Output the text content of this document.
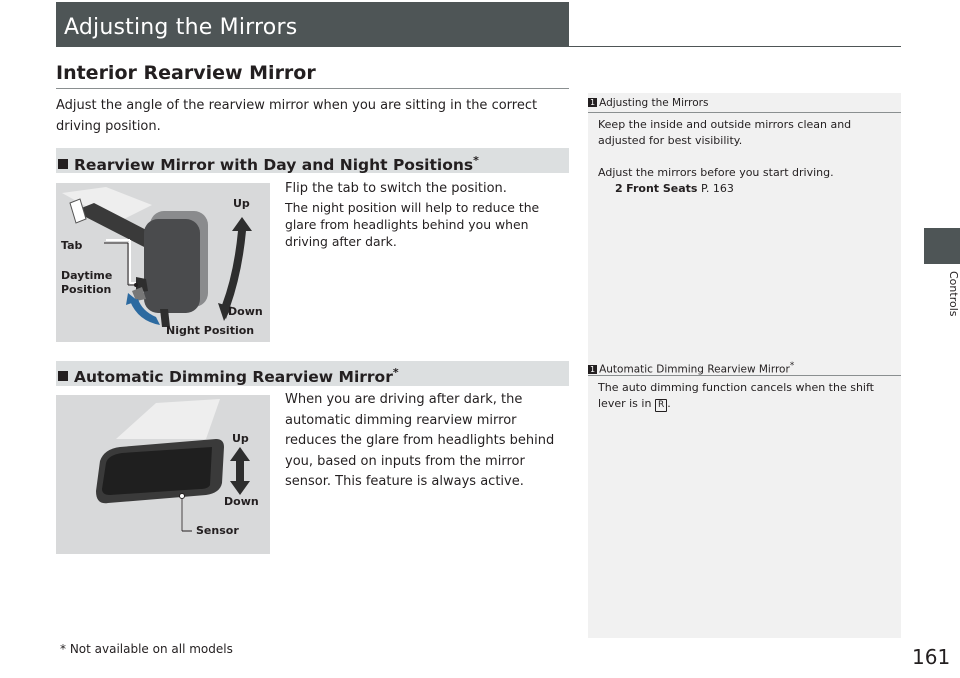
Adjusting the Mirrors
Controls
Interior Rearview Mirror
Adjust the angle of the rearview mirror when you are sitting in the correct driving position.
Rearview Mirror with Day and Night Positions*
Up
Tab
Daytime
Position
Down
Night Position
Flip the tab to switch the position.
The night position will help to reduce the glare from headlights behind you when driving after dark.
Automatic Dimming Rearview Mirror*
Up
Down
Sensor
When you are driving after dark, the automatic dimming rearview mirror reduces the glare from headlights behind you, based on inputs from the mirror sensor. This feature is always active.
1 Adjusting the Mirrors
Keep the inside and outside mirrors clean and
adjusted for best visibility.
Adjust the mirrors before you start driving.
2 Front Seats P. 163
1 Automatic Dimming Rearview Mirror*
The auto dimming function cancels when the shift
lever is in R .
* Not available on all models	161
